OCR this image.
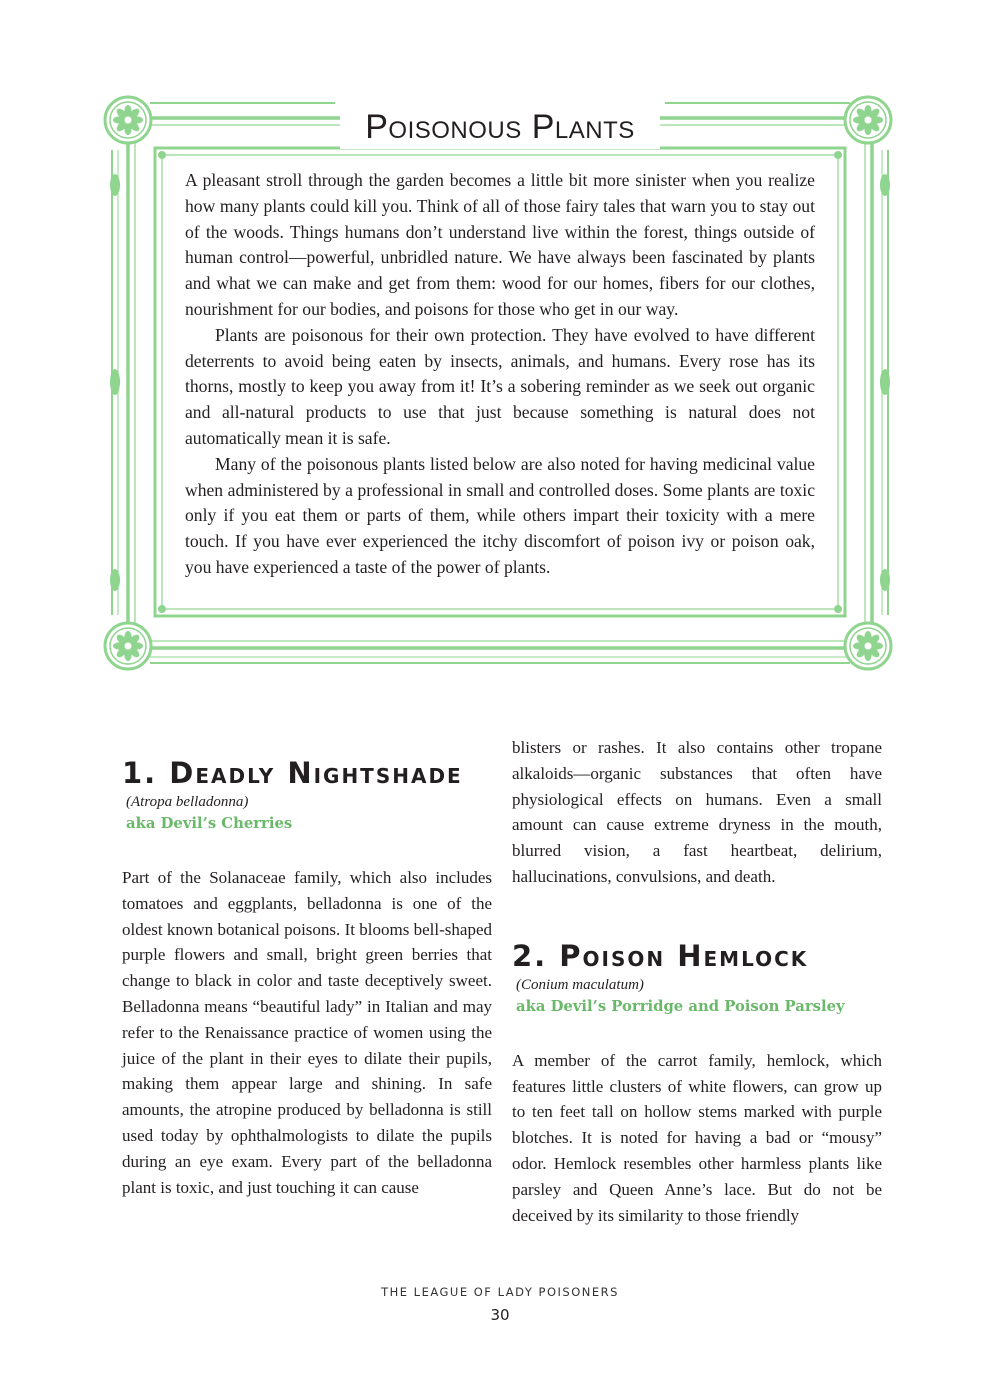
Poisonous Plants

A pleasant stroll through the garden becomes a little bit more sinister when you realize how many plants could kill you. Think of all of those fairy tales that warn you to stay out of the woods. Things humans don’t understand live within the forest, things outside of human control—powerful, unbridled nature. We have always been fascinated by plants and what we can make and get from them: wood for our homes, fibers for our clothes, nourishment for our bodies, and poisons for those who get in our way.

Plants are poisonous for their own protection. They have evolved to have different deterrents to avoid being eaten by insects, animals, and humans. Every rose has its thorns, mostly to keep you away from it! It’s a sobering reminder as we seek out organic and all-natural products to use that just because something is natural does not automatically mean it is safe.

Many of the poisonous plants listed below are also noted for having medicinal value when administered by a professional in small and controlled doses. Some plants are toxic only if you eat them or parts of them, while others impart their toxicity with a mere touch. If you have ever experienced the itchy discomfort of poison ivy or poison oak, you have experienced a taste of the power of plants.

1. Deadly Nightshade

(Atropa belladonna)

aka Devil’s Cherries

Part of the Solanaceae family, which also includes tomatoes and eggplants, belladonna is one of the oldest known botanical poisons. It blooms bell-shaped purple flowers and small, bright green berries that change to black in color and taste deceptively sweet. Belladonna means “beautiful lady” in Italian and may refer to the Renaissance practice of women using the juice of the plant in their eyes to dilate their pupils, making them appear large and shining. In safe amounts, the atropine produced by belladonna is still used today by ophthalmologists to dilate the pupils during an eye exam. Every part of the belladonna plant is toxic, and just touching it can cause

blisters or rashes. It also contains other tropane alkaloids—organic substances that often have physiological effects on humans. Even a small amount can cause extreme dryness in the mouth, blurred vision, a fast heartbeat, delirium, hallucinations, convulsions, and death.

2. Poison Hemlock

(Conium maculatum)

aka Devil’s Porridge and Poison Parsley

A member of the carrot family, hemlock, which features little clusters of white flowers, can grow up to ten feet tall on hollow stems marked with purple blotches. It is noted for having a bad or “mousy” odor. Hemlock resembles other harmless plants like parsley and Queen Anne’s lace. But do not be deceived by its similarity to those friendly

THE LEAGUE OF LADY POISONERS
30
